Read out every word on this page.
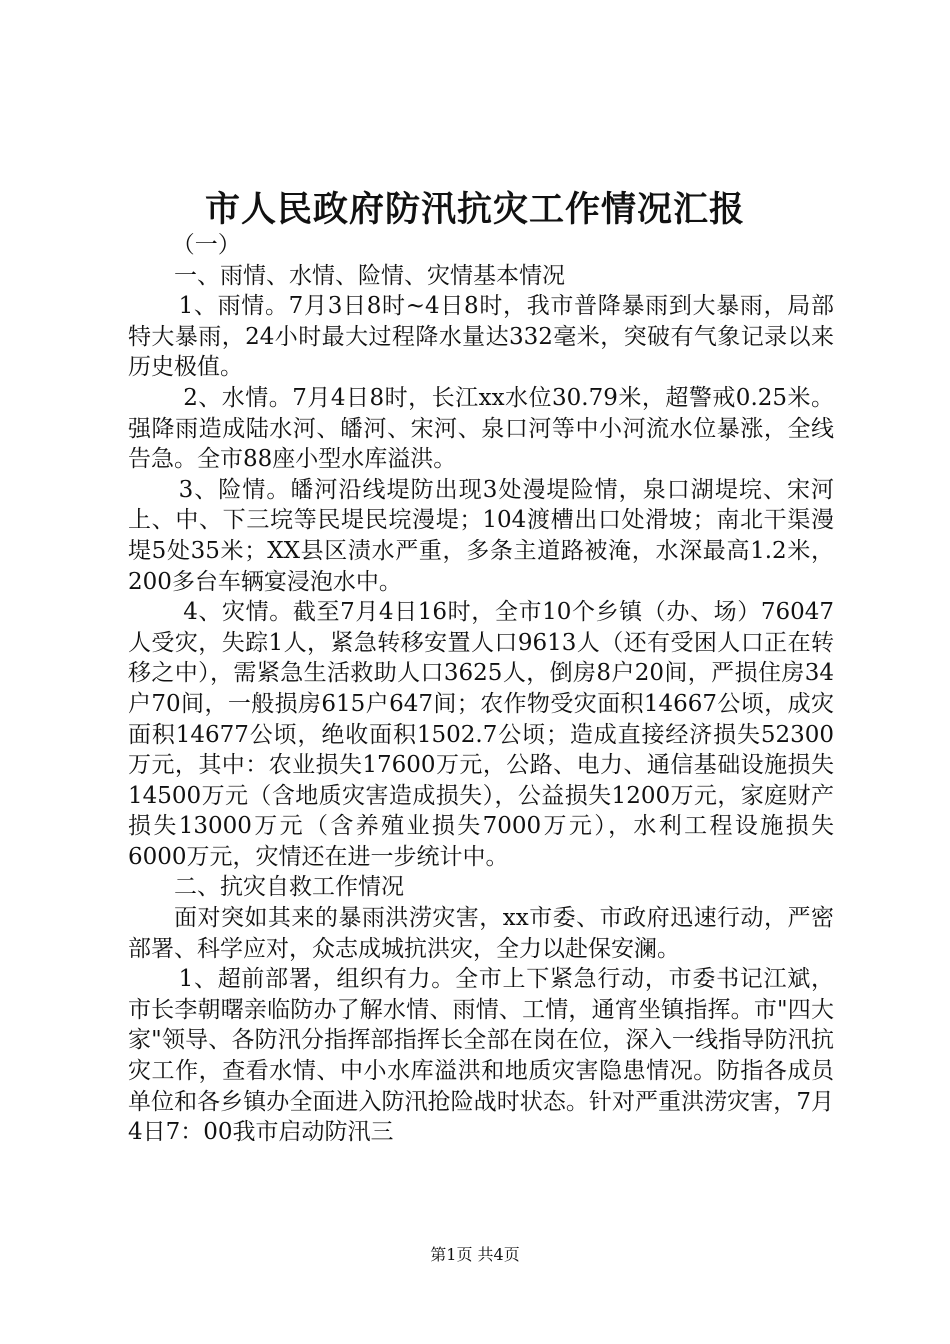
市人民政府防汛抗灾工作情况汇报

（一）

一、雨情、水情、险情、灾情基本情况

1、雨情。7月3日8时~4日8时，我市普降暴雨到大暴雨，局部特大暴雨，24小时最大过程降水量达332毫米，突破有气象记录以来历史极值。

2、水情。7月4日8时，长江xx水位30.79米，超警戒0.25米。强降雨造成陆水河、皤河、宋河、泉口河等中小河流水位暴涨，全线告急。全市88座小型水库溢洪。

3、险情。皤河沿线堤防出现3处漫堤险情，泉口湖堤垸、宋河上、中、下三垸等民堤民垸漫堤；104渡槽出口处滑坡；南北干渠漫堤5处35米；XX县区渍水严重，多条主道路被淹，水深最高1.2米，200多台车辆宴浸泡水中。

4、灾情。截至7月4日16时，全市10个乡镇（办、场）76047人受灾，失踪1人，紧急转移安置人口9613人（还有受困人口正在转移之中），需紧急生活救助人口3625人，倒房8户20间，严损住房34户70间，一般损房615户647间；农作物受灾面积14667公顷，成灾面积14677公顷，绝收面积1502.7公顷；造成直接经济损失52300万元，其中：农业损失17600万元，公路、电力、通信基础设施损失14500万元（含地质灾害造成损失），公益损失1200万元，家庭财产损失13000万元（含养殖业损失7000万元），水利工程设施损失6000万元，灾情还在进一步统计中。

二、抗灾自救工作情况

面对突如其来的暴雨洪涝灾害，xx市委、市政府迅速行动，严密部署、科学应对，众志成城抗洪灾，全力以赴保安澜。

1、超前部署，组织有力。全市上下紧急行动，市委书记江斌，市长李朝曙亲临防办了解水情、雨情、工情，通宵坐镇指挥。市"四大家"领导、各防汛分指挥部指挥长全部在岗在位，深入一线指导防汛抗灾工作，查看水情、中小水库溢洪和地质灾害隐患情况。防指各成员单位和各乡镇办全面进入防汛抢险战时状态。针对严重洪涝灾害，7月4日7：00我市启动防汛三

第1页 共4页
